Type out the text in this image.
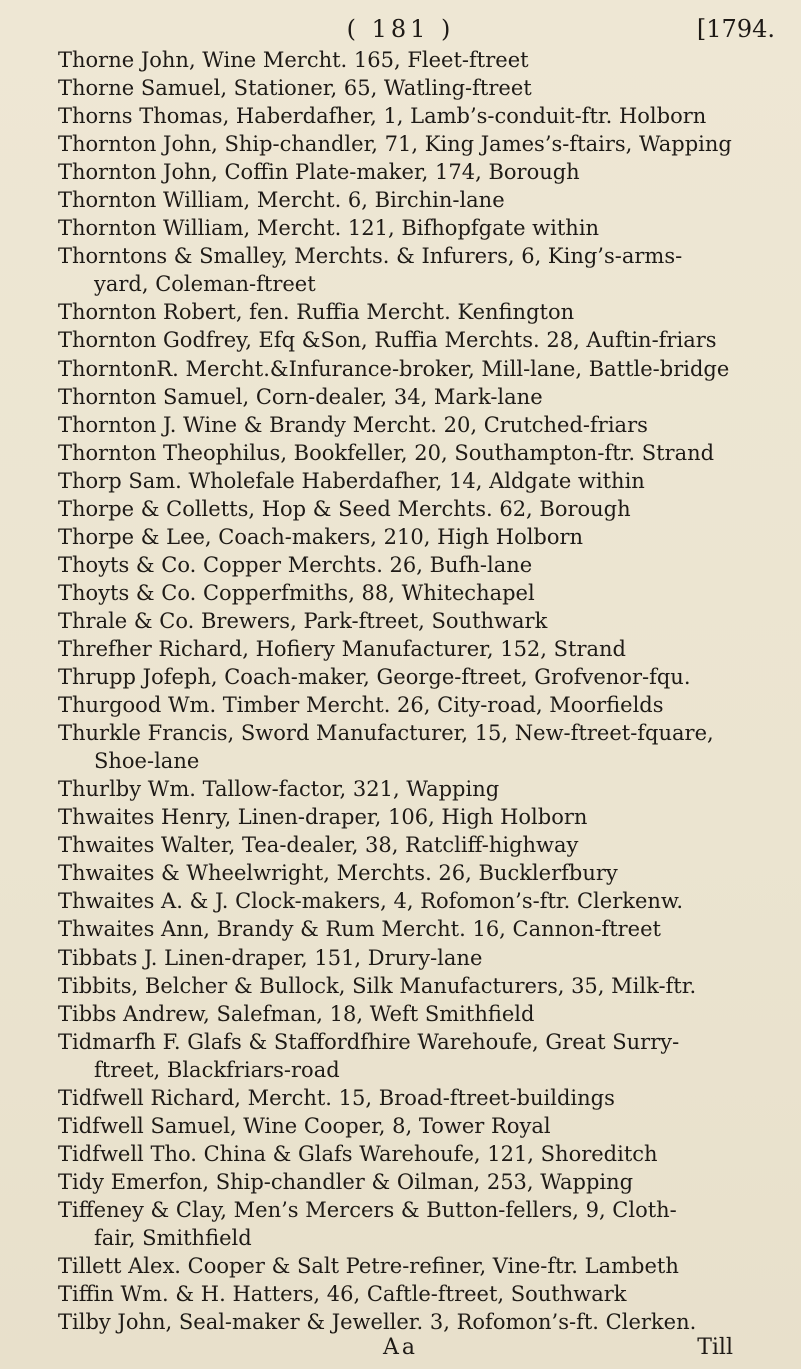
( 181 )	[1794.
Thorne John, Wine Mercht. 165, Fleet-ftreet
Thorne Samuel, Stationer, 65, Watling-ftreet
Thorns Thomas, Haberdafher, 1, Lamb’s-conduit-ftr. Holborn
Thornton John, Ship-chandler, 71, King James’s-ftairs, Wapping
Thornton John, Coffin Plate-maker, 174, Borough
Thornton William, Mercht. 6, Birchin-lane
Thornton William, Mercht. 121, Bifhopfgate within
Thorntons & Smalley, Merchts. & Infurers, 6, King’s-arms-
yard, Coleman-ftreet
Thornton Robert, fen. Ruffia Mercht. Kenfington
Thornton Godfrey, Efq &Son, Ruffia Merchts. 28, Auftin-friars
ThorntonR. Mercht.&Infurance-broker, Mill-lane, Battle-bridge
Thornton Samuel, Corn-dealer, 34, Mark-lane
Thornton J. Wine & Brandy Mercht. 20, Crutched-friars
Thornton Theophilus, Bookfeller, 20, Southampton-ftr. Strand
Thorp Sam. Wholefale Haberdafher, 14, Aldgate within
Thorpe & Colletts, Hop & Seed Merchts. 62, Borough
Thorpe & Lee, Coach-makers, 210, High Holborn
Thoyts & Co. Copper Merchts. 26, Bufh-lane
Thoyts & Co. Copperfmiths, 88, Whitechapel
Thrale & Co. Brewers, Park-ftreet, Southwark
Threfher Richard, Hofiery Manufacturer, 152, Strand
Thrupp Jofeph, Coach-maker, George-ftreet, Grofvenor-fqu.
Thurgood Wm. Timber Mercht. 26, City-road, Moorfields
Thurkle Francis, Sword Manufacturer, 15, New-ftreet-fquare,
Shoe-lane
Thurlby Wm. Tallow-factor, 321, Wapping
Thwaites Henry, Linen-draper, 106, High Holborn
Thwaites Walter, Tea-dealer, 38, Ratcliff-highway
Thwaites & Wheelwright, Merchts. 26, Bucklerfbury
Thwaites A. & J. Clock-makers, 4, Rofomon’s-ftr. Clerkenw.
Thwaites Ann, Brandy & Rum Mercht. 16, Cannon-ftreet
Tibbats J. Linen-draper, 151, Drury-lane
Tibbits, Belcher & Bullock, Silk Manufacturers, 35, Milk-ftr.
Tibbs Andrew, Salefman, 18, Weft Smithfield
Tidmarfh F. Glafs & Staffordfhire Warehoufe, Great Surry-
ftreet, Blackfriars-road
Tidfwell Richard, Mercht. 15, Broad-ftreet-buildings
Tidfwell Samuel, Wine Cooper, 8, Tower Royal
Tidfwell Tho. China & Glafs Warehoufe, 121, Shoreditch
Tidy Emerfon, Ship-chandler & Oilman, 253, Wapping
Tiffeney & Clay, Men’s Mercers & Button-fellers, 9, Cloth-
fair, Smithfield
Tillett Alex. Cooper & Salt Petre-refiner, Vine-ftr. Lambeth
Tiffin Wm. & H. Hatters, 46, Caftle-ftreet, Southwark
Tilby John, Seal-maker & Jeweller. 3, Rofomon’s-ft. Clerken.
Aa	Till
